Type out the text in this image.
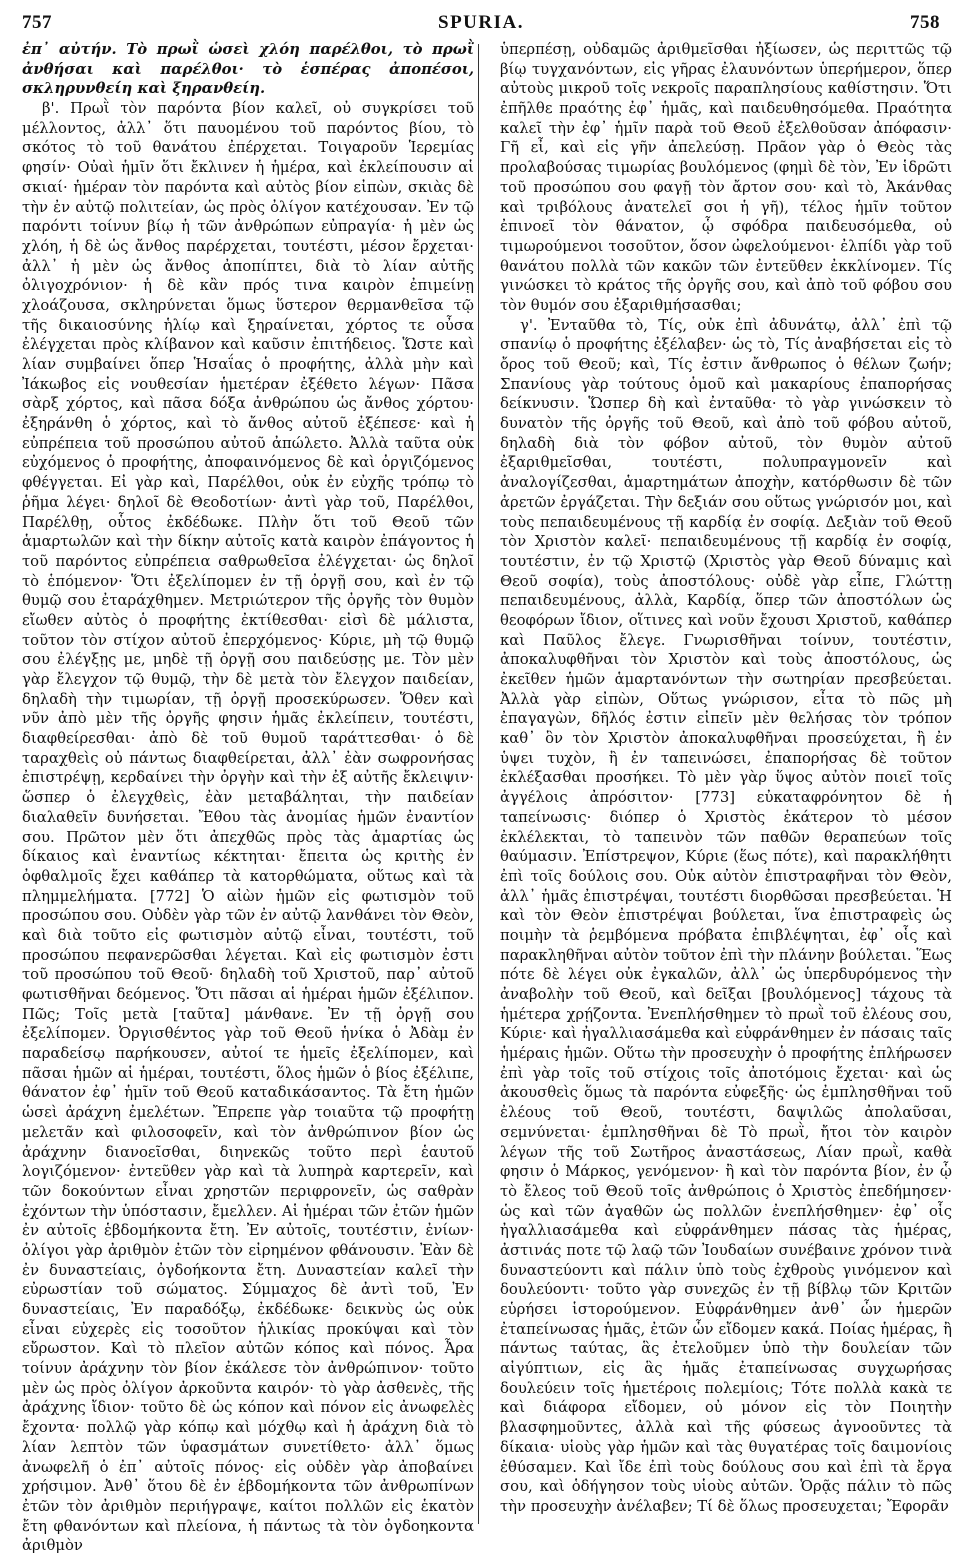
757	SPURIA.	758

ἐπ᾽ αὐτήν. Τὸ πρωῒ ὡσεὶ χλόη παρέλθοι, τὸ πρωῒ ἀνθήσαι καὶ παρέλθοι· τὸ ἑσπέρας ἀποπέσοι, σκληρυνθείη καὶ ξηρανθείη.

β'. Πρωῒ τὸν παρόντα βίον καλεῖ, οὐ συγκρίσει τοῦ μέλλοντος, ἀλλ᾽ ὅτι παυομένου τοῦ παρόντος βίου, τὸ σκότος τὸ τοῦ θανάτου ἐπέρχεται. Τοιγαροῦν Ἱερεμίας φησίν· Οὐαὶ ἡμῖν ὅτι ἔκλινεν ἡ ἡμέρα, καὶ ἐκλείπουσιν αἱ σκιαί· ἡμέραν τὸν παρόντα καὶ αὐτὸς βίον εἰπὼν, σκιὰς δὲ τὴν ἐν αὐτῷ πολιτείαν, ὡς πρὸς ὀλίγον κατέχουσαν. Ἐν τῷ παρόντι τοίνυν βίῳ ἡ τῶν ἀνθρώπων εὐπραγία· ἡ μὲν ὡς χλόη, ἡ δὲ ὡς ἄνθος παρέρχεται, τουτέστι, μέσον ἔρχεται· ἀλλ᾽ ἡ μὲν ὡς ἄνθος ἀποπίπτει, διὰ τὸ λίαν αὐτῆς ὀλιγοχρόνιον· ἡ δὲ κἂν πρός τινα καιρὸν ἐπιμείνῃ χλοάζουσα, σκληρύνεται ὅμως ὕστερον θερμανθεῖσα τῷ τῆς δικαιοσύνης ἡλίῳ καὶ ξηραίνεται, χόρτος τε οὖσα ἐλέγχεται πρὸς κλίβανον καὶ καῦσιν ἐπιτήδειος. Ὥστε καὶ λίαν συμβαίνει ὅπερ Ἡσαΐας ὁ προφήτης, ἀλλὰ μὴν καὶ Ἰάκωβος εἰς νουθεσίαν ἡμετέραν ἐξέθετο λέγων· Πᾶσα σὰρξ χόρτος, καὶ πᾶσα δόξα ἀνθρώπου ὡς ἄνθος χόρτου· ἐξηράνθη ὁ χόρτος, καὶ τὸ ἄνθος αὐτοῦ ἐξέπεσε· καὶ ἡ εὐπρέπεια τοῦ προσώπου αὐτοῦ ἀπώλετο. Ἀλλὰ ταῦτα οὐκ εὐχόμενος ὁ προφήτης, ἀποφαινόμενος δὲ καὶ ὀργιζόμενος φθέγγεται. Εἰ γὰρ καὶ, Παρέλθοι, οὐκ ἐν εὐχῆς τρόπῳ τὸ ῥῆμα λέγει· δηλοῖ δὲ Θεοδοτίων· ἀντὶ γὰρ τοῦ, Παρέλθοι, Παρέλθῃ, οὗτος ἐκδέδωκε. Πλὴν ὅτι τοῦ Θεοῦ τῶν ἁμαρτωλῶν καὶ τὴν δίκην αὐτοῖς κατὰ καιρὸν ἐπάγοντος ἡ τοῦ παρόντος εὐπρέπεια σαθρωθεῖσα ἐλέγχεται· ὡς δηλοῖ τὸ ἑπόμενον· Ὅτι ἐξελίπομεν ἐν τῇ ὀργῇ σου, καὶ ἐν τῷ θυμῷ σου ἐταράχθημεν. Μετριώτερον τῆς ὀργῆς τὸν θυμὸν εἴωθεν αὐτὸς ὁ προφήτης ἐκτίθεσθαι· εἰσὶ δὲ μάλιστα, τοῦτον τὸν στίχον αὐτοῦ ἐπερχόμενος· Κύριε, μὴ τῷ θυμῷ σου ἐλέγξῃς με, μηδὲ τῇ ὀργῇ σου παιδεύσῃς με. Τὸν μὲν γὰρ ἔλεγχον τῷ θυμῷ, τὴν δὲ μετὰ τὸν ἔλεγχον παιδείαν, δηλαδὴ τὴν τιμωρίαν, τῇ ὀργῇ προσεκύρωσεν. Ὅθεν καὶ νῦν ἀπὸ μὲν τῆς ὀργῆς φησιν ἡμᾶς ἐκλείπειν, τουτέστι, διαφθείρεσθαι· ἀπὸ δὲ τοῦ θυμοῦ ταράττεσθαι· ὁ δὲ ταραχθεὶς οὐ πάντως διαφθείρεται, ἀλλ᾽ ἐὰν σωφρονήσας ἐπιστρέψῃ, κερδαίνει τὴν ὀργὴν καὶ τὴν ἐξ αὐτῆς ἔκλειψιν· ὥσπερ ὁ ἐλεγχθεὶς, ἐὰν μεταβάληται, τὴν παιδείαν διαλαθεῖν δυνήσεται. Ἔθου τὰς ἀνομίας ἡμῶν ἐναντίον σου. Πρῶτον μὲν ὅτι ἀπεχθῶς πρὸς τὰς ἁμαρτίας ὡς δίκαιος καὶ ἐναντίως κέκτηται· ἔπειτα ὡς κριτὴς ἐν ὀφθαλμοῖς ἔχει καθάπερ τὰ κατορθώματα, οὕτως καὶ τὰ πλημμελήματα. [772] Ὁ αἰὼν ἡμῶν εἰς φωτισμὸν τοῦ προσώπου σου. Οὐδὲν γὰρ τῶν ἐν αὐτῷ λανθάνει τὸν Θεὸν, καὶ διὰ τοῦτο εἰς φωτισμὸν αὐτῷ εἶναι, τουτέστι, τοῦ προσώπου πεφανερῶσθαι λέγεται. Καὶ εἰς φωτισμὸν ἐστι τοῦ προσώπου τοῦ Θεοῦ· δηλαδὴ τοῦ Χριστοῦ, παρ᾽ αὐτοῦ φωτισθῆναι δεόμενος. Ὅτι πᾶσαι αἱ ἡμέραι ἡμῶν ἐξέλιπον. Πῶς; Τοῖς μετὰ [ταῦτα] μάνθανε. Ἐν τῇ ὀργῇ σου ἐξελίπομεν. Ὀργισθέντος γὰρ τοῦ Θεοῦ ἡνίκα ὁ Ἀδὰμ ἐν παραδείσῳ παρήκουσεν, αὐτοί τε ἡμεῖς ἐξελίπομεν, καὶ πᾶσαι ἡμῶν αἱ ἡμέραι, τουτέστι, ὅλος ἡμῶν ὁ βίος ἐξέλιπε, θάνατον ἐφ᾽ ἡμῖν τοῦ Θεοῦ καταδικάσαντος. Τὰ ἔτη ἡμῶν ὡσεὶ ἀράχνη ἐμελέτων. Ἔπρεπε γὰρ τοιαῦτα τῷ προφήτῃ μελετᾶν καὶ φιλοσοφεῖν, καὶ τὸν ἀνθρώπινον βίον ὡς ἀράχνην διανοεῖσθαι, διηνεκῶς τοῦτο περὶ ἑαυτοῦ λογιζόμενον· ἐντεῦθεν γὰρ καὶ τὰ λυπηρὰ καρτερεῖν, καὶ τῶν δοκούντων εἶναι χρηστῶν περιφρονεῖν, ὡς σαθρὰν ἐχόντων τὴν ὑπόστασιν, ἔμελλεν. Αἱ ἡμέραι τῶν ἐτῶν ἡμῶν ἐν αὐτοῖς ἑβδομήκοντα ἔτη. Ἐν αὐτοῖς, τουτέστιν, ἐνίων· ὀλίγοι γὰρ ἀριθμὸν ἐτῶν τὸν εἰρημένον φθάνουσιν. Ἐὰν δὲ ἐν δυναστείαις, ὀγδοήκοντα ἔτη. Δυναστείαν καλεῖ τὴν εὐρωστίαν τοῦ σώματος. Σύμμαχος δὲ ἀντὶ τοῦ, Ἐν δυναστείαις, Ἐν παραδόξῳ, ἐκδέδωκε· δεικνὺς ὡς οὐκ εἶναι εὐχερὲς εἰς τοσοῦτον ἡλικίας προκύψαι καὶ τὸν εὔρωστον. Καὶ τὸ πλεῖον αὐτῶν κόπος καὶ πόνος. Ἆρα τοίνυν ἀράχνην τὸν βίον ἐκάλεσε τὸν ἀνθρώπινον· τοῦτο μὲν ὡς πρὸς ὀλίγον ἀρκοῦντα καιρόν· τὸ γὰρ ἀσθενὲς, τῆς ἀράχνης ἴδιον· τοῦτο δὲ ὡς κόπον καὶ πόνον εἰς ἀνωφελὲς ἔχοντα· πολλῷ γὰρ κόπῳ καὶ μόχθῳ καὶ ἡ ἀράχνη διὰ τὸ λίαν λεπτὸν τῶν ὑφασμάτων συνετίθετο· ἀλλ᾽ ὅμως ἀνωφελῆ ὁ ἐπ᾽ αὐτοῖς πόνος· εἰς οὐδὲν γὰρ ἀποβαίνει χρήσιμον. Ἀνθ᾽ ὅτου δὲ ἐν ἑβδομήκοντα τῶν ἀνθρωπίνων ἐτῶν τὸν ἀριθμὸν περιήγραψε, καίτοι πολλῶν εἰς ἑκατὸν ἔτη φθανόντων καὶ πλείονα, ἡ πάντως τὰ τὸν ὀγδοηκοντα ἀριθμὸν

ὑπερπέσῃ, οὐδαμῶς ἀριθμεῖσθαι ἠξίωσεν, ὡς περιττῶς τῷ βίῳ τυγχανόντων, εἰς γῆρας ἐλαυνόντων ὑπερήμερον, ὅπερ αὐτοὺς μικροῦ τοῖς νεκροῖς παραπλησίους καθίστησιν. Ὅτι ἐπῆλθε πραότης ἐφ᾽ ἡμᾶς, καὶ παιδευθησόμεθα. Πραότητα καλεῖ τὴν ἐφ᾽ ἡμῖν παρὰ τοῦ Θεοῦ ἐξελθοῦσαν ἀπόφασιν· Γῆ εἶ, καὶ εἰς γῆν ἀπελεύσῃ. Πρᾶον γὰρ ὁ Θεὸς τὰς προλαβούσας τιμωρίας βουλόμενος (φημὶ δὲ τὸν, Ἐν ἱδρῶτι τοῦ προσώπου σου φαγῇ τὸν ἄρτον σου· καὶ τὸ, Ἀκάνθας καὶ τριβόλους ἀνατελεῖ σοι ἡ γῆ), τέλος ἡμῖν τοῦτον ἐπινοεῖ τὸν θάνατον, ᾧ σφόδρα παιδευσόμεθα, οὐ τιμωρούμενοι τοσοῦτον, ὅσον ὠφελούμενοι· ἐλπίδι γὰρ τοῦ θανάτου πολλὰ τῶν κακῶν τῶν ἐντεῦθεν ἐκκλίνομεν. Τίς γινώσκει τὸ κράτος τῆς ὀργῆς σου, καὶ ἀπὸ τοῦ φόβου σου τὸν θυμόν σου ἐξαριθμήσασθαι;

γ'. Ἐνταῦθα τὸ, Τίς, οὐκ ἐπὶ ἀδυνάτῳ, ἀλλ᾽ ἐπὶ τῷ σπανίῳ ὁ προφήτης ἐξέλαβεν· ὡς τὸ, Τίς ἀναβήσεται εἰς τὸ ὄρος τοῦ Θεοῦ; καὶ, Τίς ἐστιν ἄνθρωπος ὁ θέλων ζωήν; Σπανίους γὰρ τούτους ὁμοῦ καὶ μακαρίους ἐπαπορήσας δείκνυσιν. Ὥσπερ δὴ καὶ ἐνταῦθα· τὸ γὰρ γινώσκειν τὸ δυνατὸν τῆς ὀργῆς τοῦ Θεοῦ, καὶ ἀπὸ τοῦ φόβου αὐτοῦ, δηλαδὴ διὰ τὸν φόβον αὐτοῦ, τὸν θυμὸν αὐτοῦ ἐξαριθμεῖσθαι, τουτέστι, πολυπραγμονεῖν καὶ ἀναλογίζεσθαι, ἁμαρτημάτων ἀποχὴν, κατόρθωσιν δὲ τῶν ἀρετῶν ἐργάζεται. Τὴν δεξιάν σου οὕτως γνώρισόν μοι, καὶ τοὺς πεπαιδευμένους τῇ καρδίᾳ ἐν σοφίᾳ. Δεξιὰν τοῦ Θεοῦ τὸν Χριστὸν καλεῖ· πεπαιδευμένους τῇ καρδίᾳ ἐν σοφίᾳ, τουτέστιν, ἐν τῷ Χριστῷ (Χριστὸς γὰρ Θεοῦ δύναμις καὶ Θεοῦ σοφία), τοὺς ἀποστόλους· οὐδὲ γὰρ εἶπε, Γλώττῃ πεπαιδευμένους, ἀλλὰ, Καρδίᾳ, ὅπερ τῶν ἀποστόλων ὡς θεοφόρων ἴδιον, οἵτινες καὶ νοῦν ἔχουσι Χριστοῦ, καθάπερ καὶ Παῦλος ἔλεγε. Γνωρισθῆναι τοίνυν, τουτέστιν, ἀποκαλυφθῆναι τὸν Χριστὸν καὶ τοὺς ἀποστόλους, ὡς ἐκεῖθεν ἡμῶν ἁμαρτανόντων τὴν σωτηρίαν πρεσβεύεται. Ἀλλὰ γὰρ εἰπὼν, Οὕτως γνώρισον, εἶτα τὸ πῶς μὴ ἐπαγαγὼν, δῆλός ἐστιν εἰπεῖν μὲν θελήσας τὸν τρόπον καθ᾽ ὃν τὸν Χριστὸν ἀποκαλυφθῆναι προσεύχεται, ἢ ἐν ὑψει τυχὸν, ἢ ἐν ταπεινώσει, ἐπαπορήσας δὲ τοῦτον ἐκλέξασθαι προσήκει. Τὸ μὲν γὰρ ὕψος αὐτὸν ποιεῖ τοῖς ἀγγέλοις ἀπρόσιτον· [773] εὐκαταφρόνητον δὲ ἡ ταπείνωσις· διόπερ ὁ Χριστὸς ἑκάτερον τὸ μέσον ἐκλέλεκται, τὸ ταπεινὸν τῶν παθῶν θεραπεύων τοῖς θαύμασιν. Ἐπίστρεψον, Κύριε (ἕως πότε), καὶ παρακλήθητι ἐπὶ τοῖς δούλοις σου. Οὐκ αὐτὸν ἐπιστραφῆναι τὸν Θεὸν, ἀλλ᾽ ἡμᾶς ἐπιστρέψαι, τουτέστι διορθῶσαι πρεσβεύεται. Ἡ καὶ τὸν Θεὸν ἐπιστρέψαι βούλεται, ἵνα ἐπιστραφεὶς ὡς ποιμὴν τὰ ῥεμβόμενα πρόβατα ἐπιβλέψηται, ἐφ᾽ οἷς καὶ παρακληθῆναι αὐτὸν τοῦτον ἐπὶ τὴν πλάνην βούλεται. Ἕως πότε δὲ λέγει οὐκ ἐγκαλῶν, ἀλλ᾽ ὡς ὑπερδυρόμενος τὴν ἀναβολὴν τοῦ Θεοῦ, καὶ δεῖξαι [βουλόμενος] τάχους τὰ ἡμέτερα χρῄζοντα. Ἐνεπλήσθημεν τὸ πρωῒ τοῦ ἐλέους σου, Κύριε· καὶ ἠγαλλιασάμεθα καὶ εὐφράνθημεν ἐν πάσαις ταῖς ἡμέραις ἡμῶν. Οὕτω τὴν προσευχὴν ὁ προφήτης ἐπλήρωσεν ἐπὶ γὰρ τοῖς τοῦ στίχοις τοῖς ἀποτόμοις ἔχεται· καὶ ὡς ἀκουσθεὶς ὅμως τὰ παρόντα εὐφεξῆς· ὡς ἐμπλησθῆναι τοῦ ἐλέους τοῦ Θεοῦ, τουτέστι, δαψιλῶς ἀπολαῦσαι, σεμνύνεται· ἐμπλησθῆναι δὲ Τὸ πρωῒ, ἤτοι τὸν καιρὸν λέγων τῆς τοῦ Σωτῆρος ἀναστάσεως, Λίαν πρωῒ, καθὰ φησιν ὁ Μάρκος, γενόμενον· ἢ καὶ τὸν παρόντα βίον, ἐν ᾧ τὸ ἔλεος τοῦ Θεοῦ τοῖς ἀνθρώποις ὁ Χριστὸς ἐπεδήμησεν· ὡς καὶ τῶν ἀγαθῶν ὡς πολλῶν ἐνεπλήσθημεν· ἐφ᾽ οἷς ἠγαλλιασάμεθα καὶ εὐφράνθημεν πάσας τὰς ἡμέρας, ἀστινάς ποτε τῷ λαῷ τῶν Ἰουδαίων συνέβαινε χρόνον τινὰ δυναστεύοντι καὶ πάλιν ὑπὸ τοὺς ἐχθροὺς γινόμενον καὶ δουλεύοντι· τοῦτο γὰρ συνεχῶς ἐν τῇ βίβλῳ τῶν Κριτῶν εὑρήσει ἱστορούμενον. Εὐφράνθημεν ἀνθ᾽ ὧν ἡμερῶν ἐταπείνωσας ἡμᾶς, ἐτῶν ὧν εἴδομεν κακά. Ποίας ἡμέρας, ἢ πάντως ταύτας, ἃς ἐτελοῦμεν ὑπὸ τὴν δουλείαν τῶν αἰγύπτιων, εἰς ἃς ἡμᾶς ἐταπείνωσας συγχωρήσας δουλεύειν τοῖς ἡμετέροις πολεμίοις; Τότε πολλὰ κακὰ τε καὶ διάφορα εἴδομεν, οὐ μόνον εἰς τὸν Ποιητὴν βλασφημοῦντες, ἀλλὰ καὶ τῆς φύσεως ἀγνοοῦντες τὰ δίκαια· υἱοὺς γὰρ ἡμῶν καὶ τὰς θυγατέρας τοῖς δαιμονίοις ἐθύσαμεν. Καὶ ἴδε ἐπὶ τοὺς δούλους σου καὶ ἐπὶ τὰ ἔργα σου, καὶ ὁδήγησον τοὺς υἱοὺς αὐτῶν. Ὁρᾷς πάλιν τὸ πῶς τὴν προσευχὴν ἀνέλαβεν; Τί δὲ ὅλως προσευχεται; Ἔφορᾶν
